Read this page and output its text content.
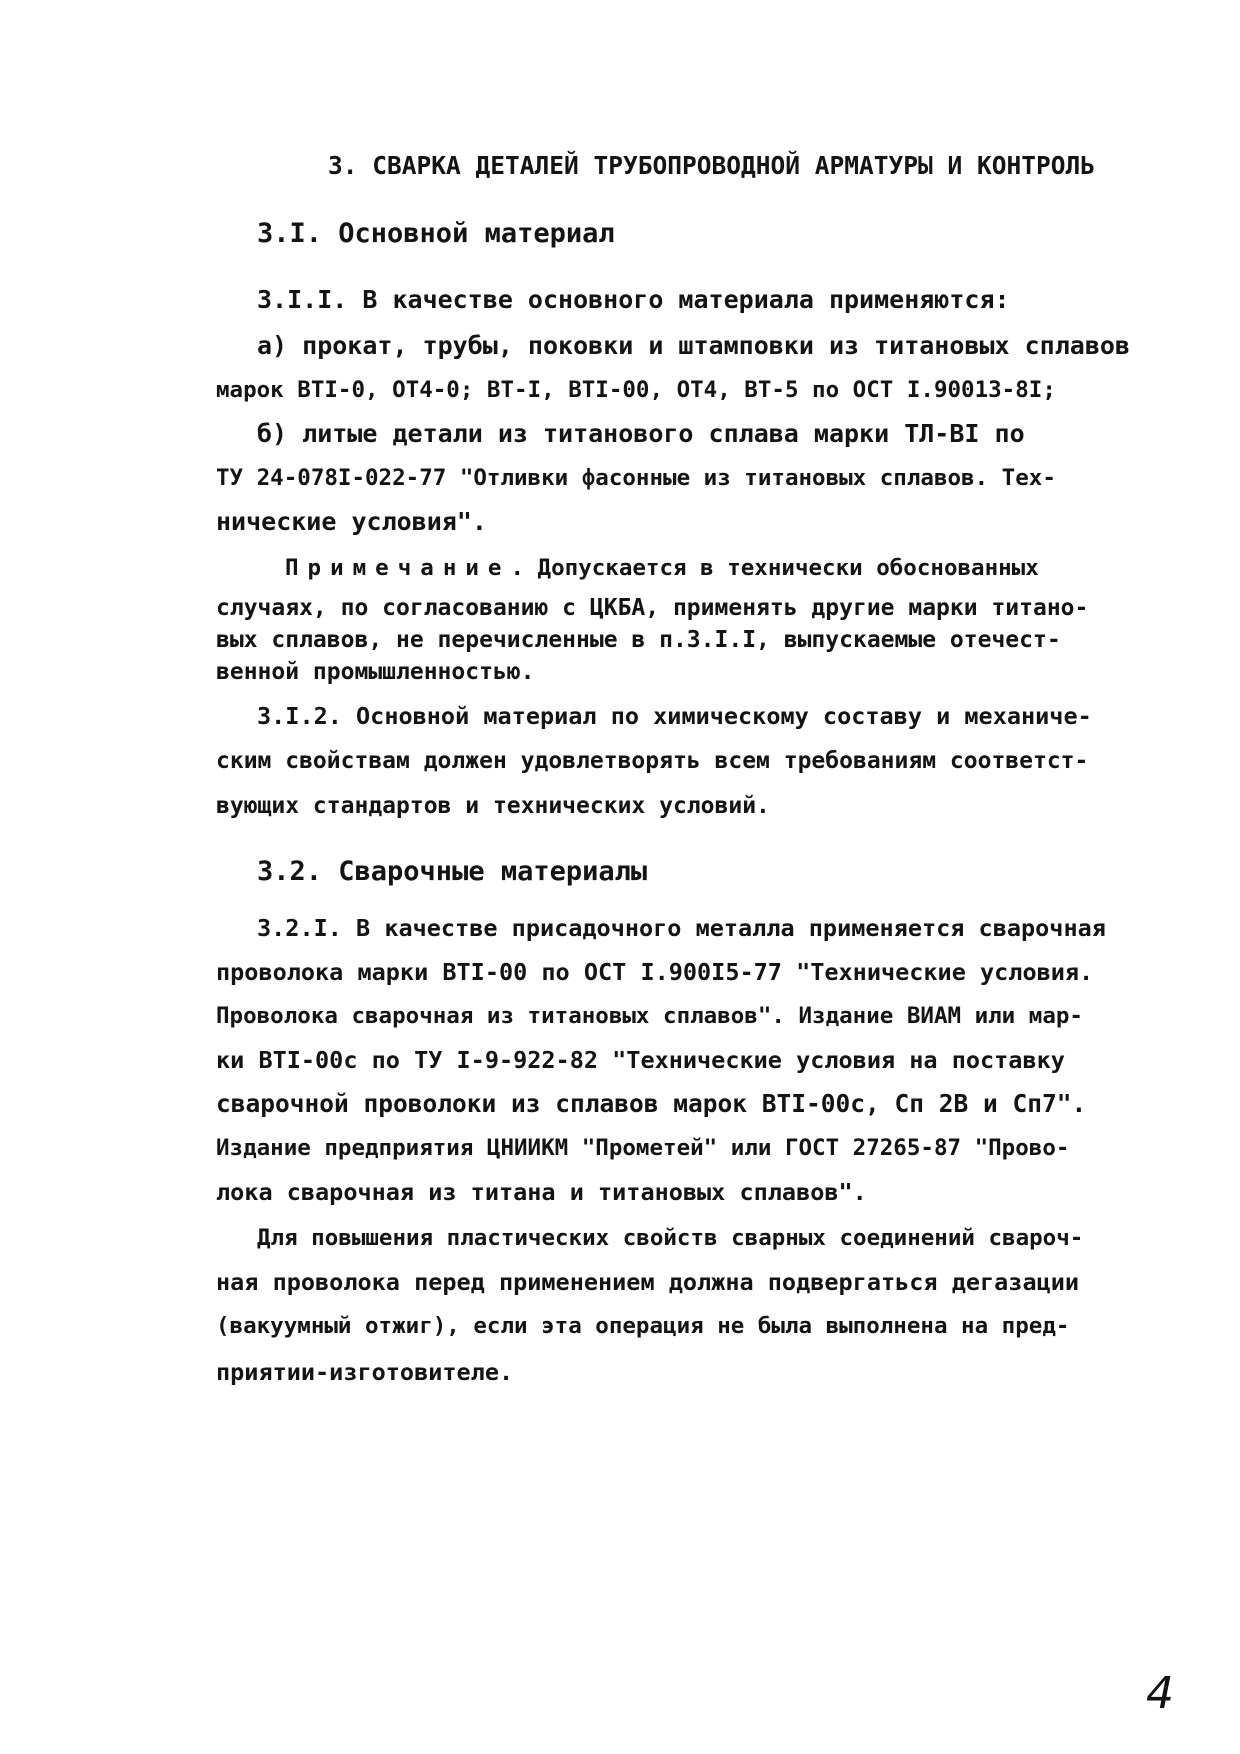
3. СВАРКА ДЕТАЛЕЙ ТРУБОПРОВОДНОЙ АРМАТУРЫ И КОНТРОЛЬ
3.I. Основной материал
3.I.I. В качестве основного материала применяются:
а) прокат, трубы, поковки и штамповки из титановых сплавов
марок ВТI-0, ОТ4-0; ВТ-I, ВТI-00, ОТ4, ВТ-5 по ОСТ I.90013-8I;
б) литые детали из титанового сплава марки ТЛ-ВI по
ТУ 24-078I-022-77 "Отливки фасонные из титановых сплавов. Тех-
нические условия".
Примечание. Допускается в технически обоснованных
случаях, по согласованию с ЦКБА, применять другие марки титано-
вых сплавов, не перечисленные в п.3.I.I, выпускаемые отечест-
венной промышленностью.
3.I.2. Основной материал по химическому составу и механиче-
ским свойствам должен удовлетворять всем требованиям соответст-
вующих стандартов и технических условий.
3.2. Сварочные материалы
3.2.I. В качестве присадочного металла применяется сварочная
проволока марки ВТI-00 по ОСТ I.900I5-77 "Технические условия.
Проволока сварочная из титановых сплавов". Издание ВИАМ или мар-
ки ВТI-00с по ТУ I-9-922-82 "Технические условия на поставку
сварочной проволоки из сплавов марок ВТI-00с, Сп 2В и Сп7".
Издание предприятия ЦНИИКМ "Прометей" или ГОСТ 27265-87 "Прово-
лока сварочная из титана и титановых сплавов".
Для повышения пластических свойств сварных соединений свароч-
ная проволока перед применением должна подвергаться дегазации
(вакуумный отжиг), если эта операция не была выполнена на пред-
приятии-изготовителе.
4
